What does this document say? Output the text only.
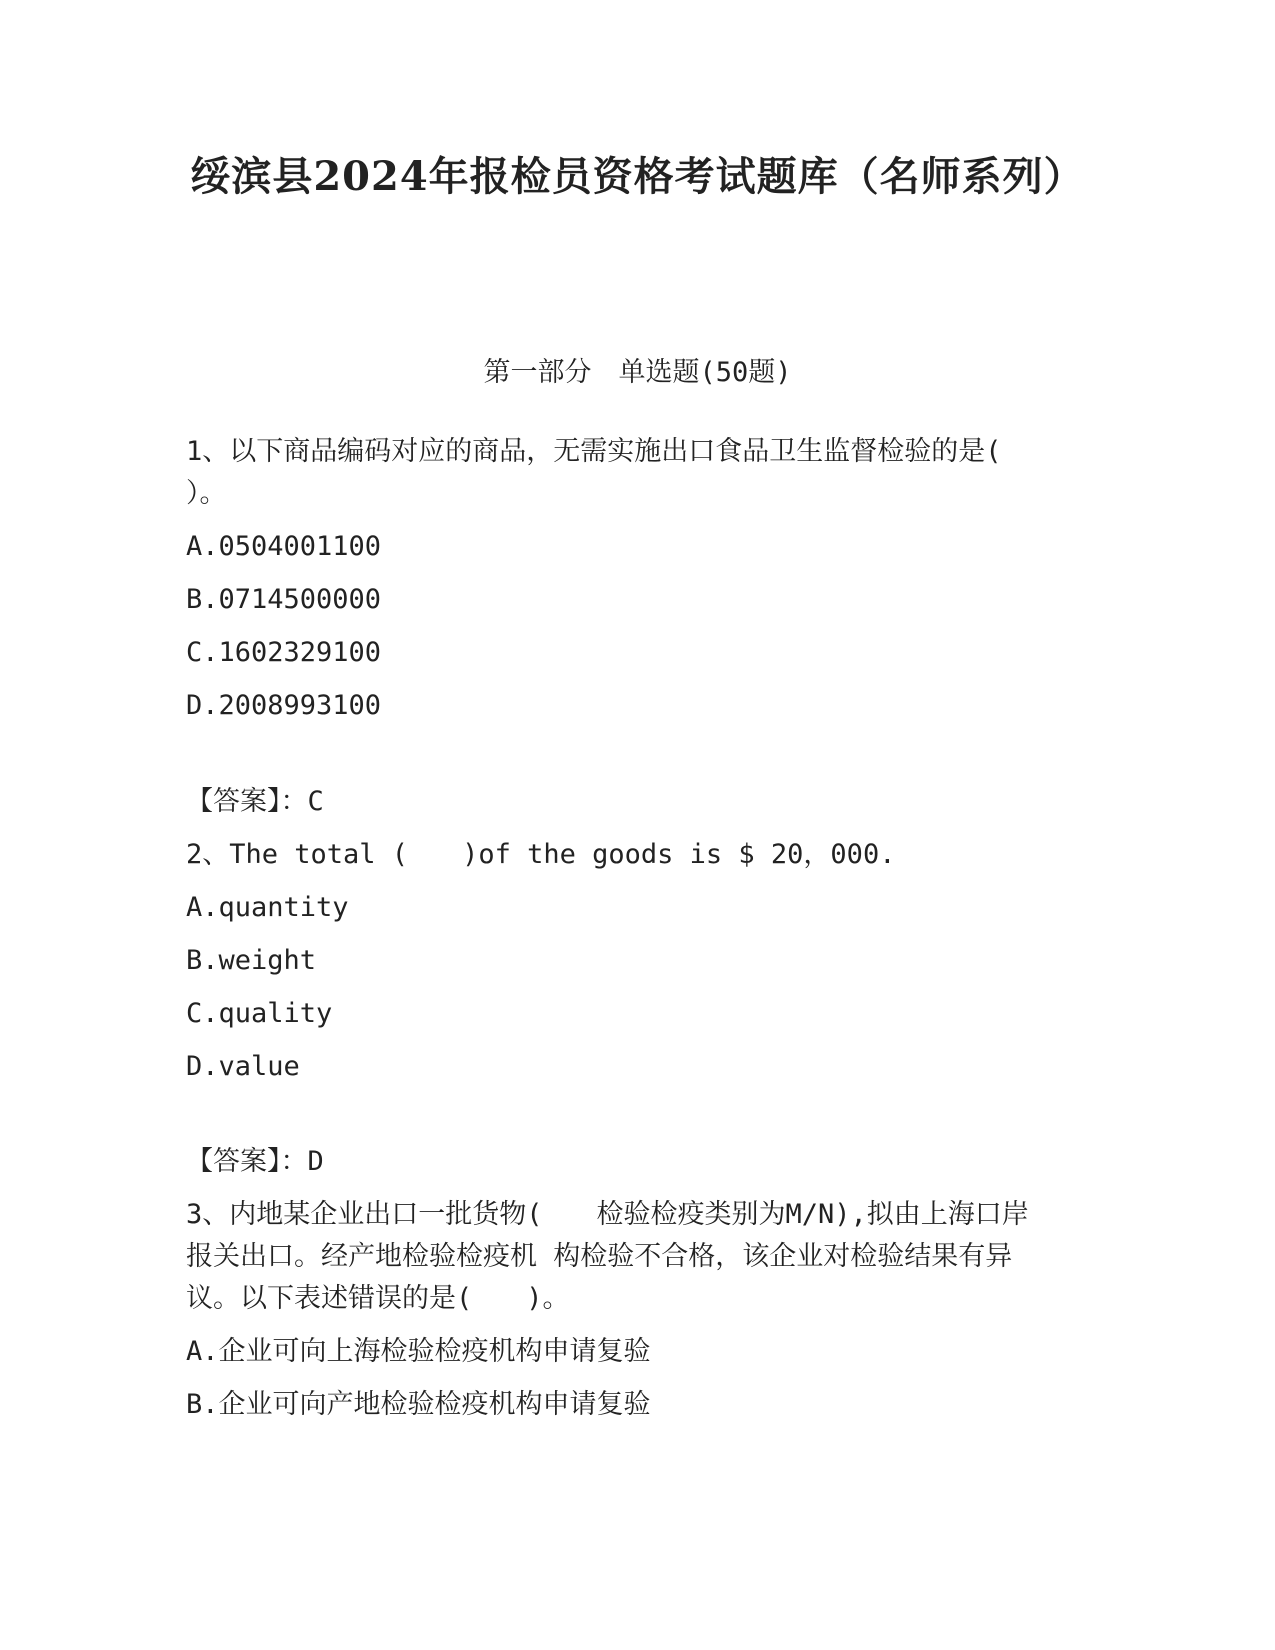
绥滨县2024年报检员资格考试题库（名师系列）
第一部分　单选题(50题)
1、以下商品编码对应的商品，无需实施出口食品卫生监督检验的是(
）。
A.0504001100
B.0714500000
C.1602329100
D.2008993100
【答案】：C
2、The total (　　)of the goods is $ 20，000.
A.quantity
B.weight
C.quality
D.value
【答案】：D
3、内地某企业出口一批货物(　　检验检疫类别为M/N),拟由上海口岸
报关出口。经产地检验检疫机 构检验不合格，该企业对检验结果有异
议。以下表述错误的是(　　)。
A.企业可向上海检验检疫机构申请复验
B.企业可向产地检验检疫机构申请复验
